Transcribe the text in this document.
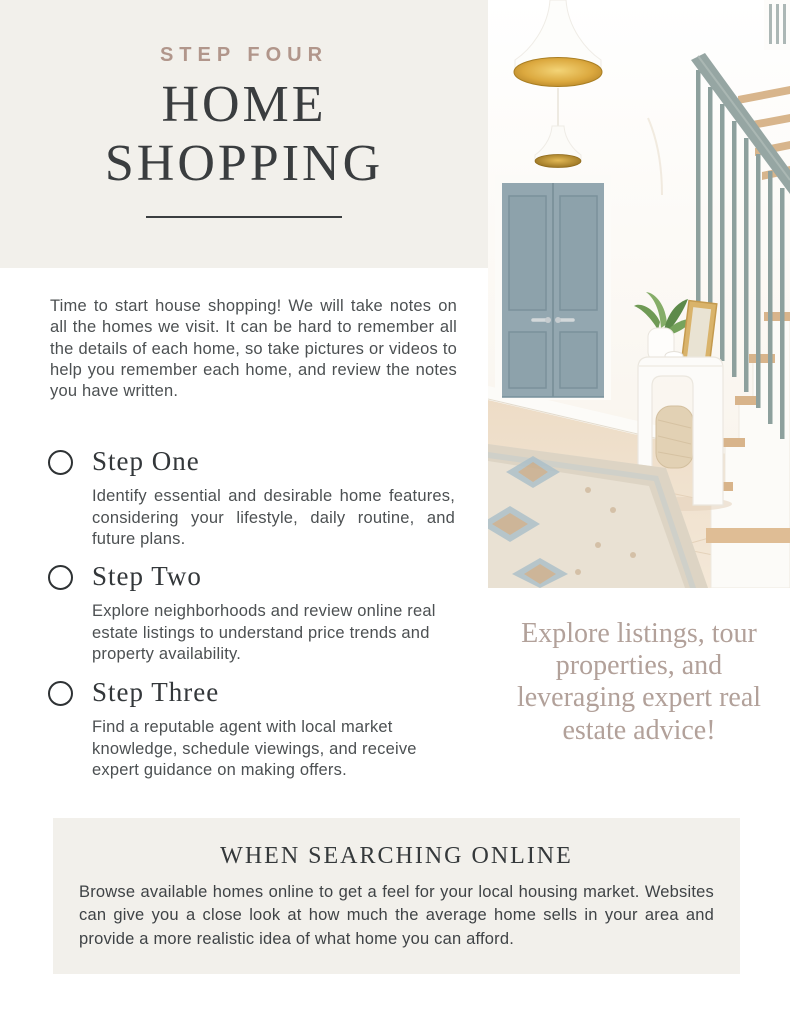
STEP FOUR
HOME
SHOPPING

Time to start house shopping! We will take notes on all the homes we visit. It can be hard to remember all the details of each home, so take pictures or videos to help you remember each home, and review the notes you have written.

Step One

Identify essential and desirable home features, considering your lifestyle, daily routine, and future plans.

Step Two

Explore neighborhoods and review online real estate listings to understand price trends and property availability.

Step Three

Find a reputable agent with local market knowledge, schedule viewings, and receive expert guidance on making offers.

Explore listings, tour properties, and leveraging expert real estate advice!

WHEN SEARCHING ONLINE

Browse available homes online to get a feel for your local housing market. Websites can give you a close look at how much the average home sells in your area and provide a more realistic idea of what home you can afford.
